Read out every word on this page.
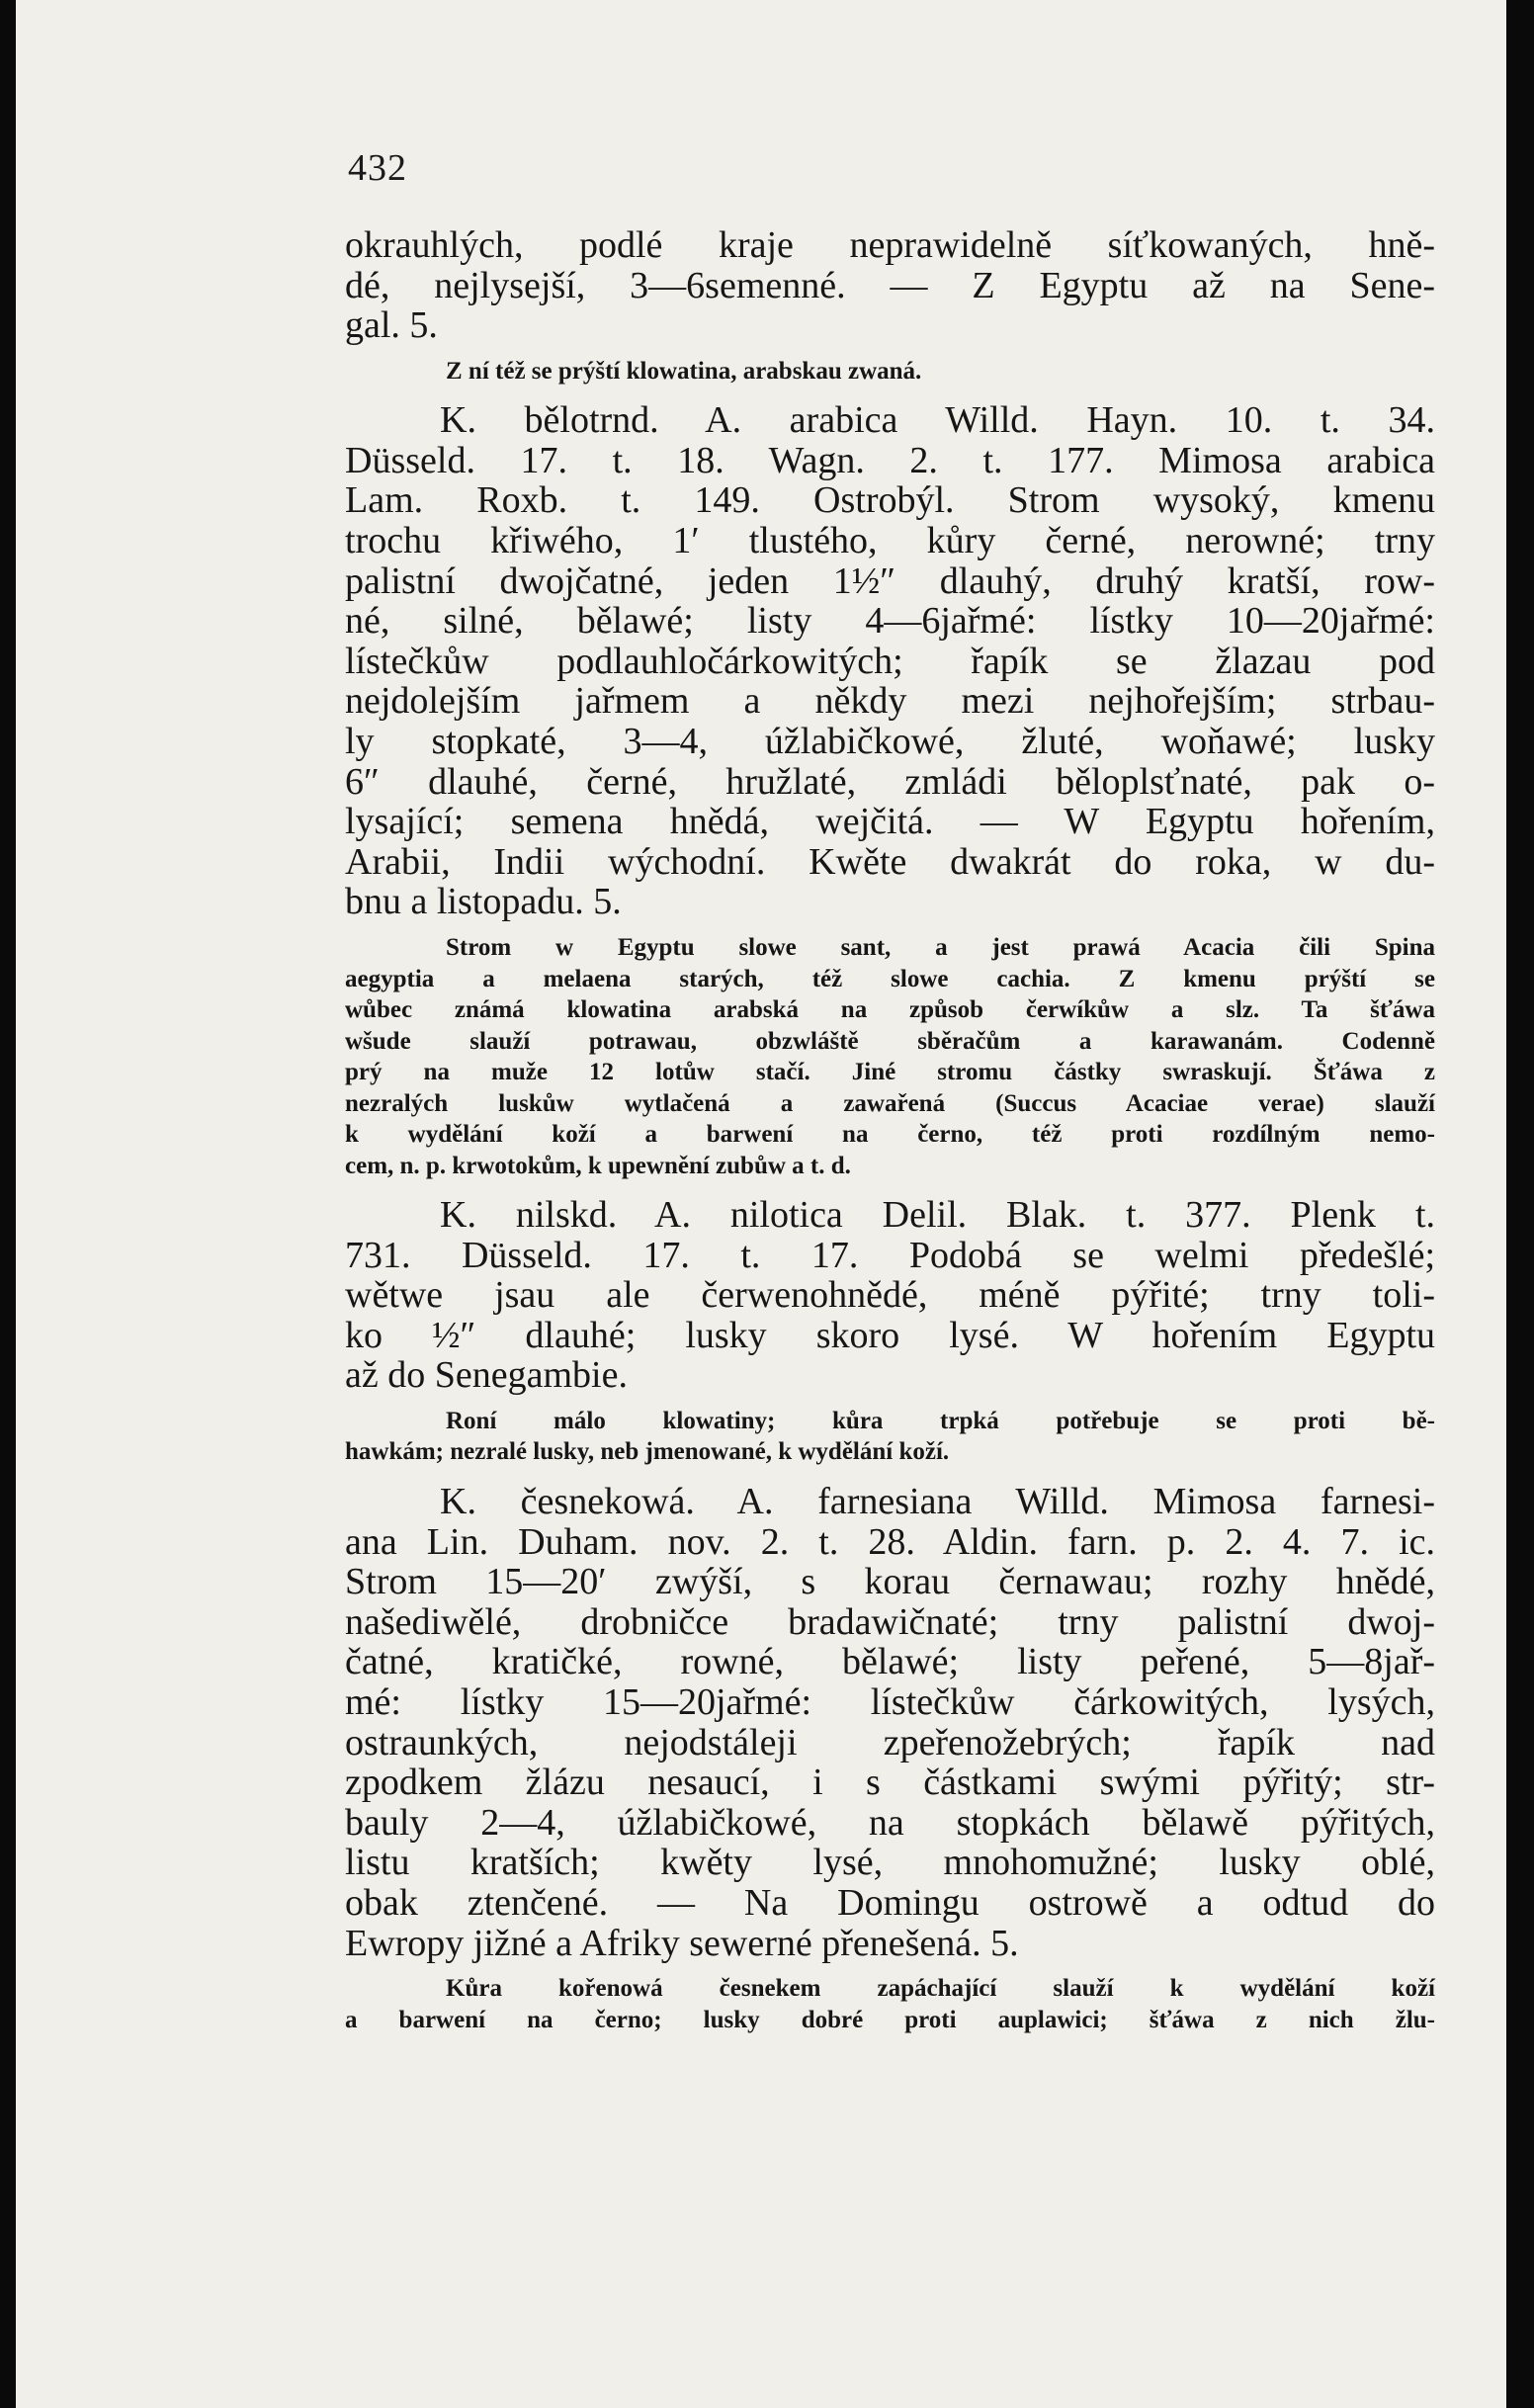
432
okrauhlých, podlé kraje neprawidelně síťkowaných, hně-
dé, nejlysejší, 3—6semenné. — Z Egyptu až na Sene-
gal. 5.
Z ní též se prýští klowatina, arabskau zwaná.
K. bělotrnd. A. arabica Willd. Hayn. 10. t. 34.
Düsseld. 17. t. 18. Wagn. 2. t. 177. Mimosa arabica
Lam. Roxb. t. 149. Ostrobýl. Strom wysoký, kmenu
trochu křiwého, 1′ tlustého, kůry černé, nerowné; trny
palistní dwojčatné, jeden 1½″ dlauhý, druhý kratší, row-
né, silné, bělawé; listy 4—6jařmé: lístky 10—20jařmé:
lístečkůw podlauhločárkowitých; řapík se žlazau pod
nejdolejším jařmem a někdy mezi nejhořejším; strbau-
ly stopkaté, 3—4, úžlabičkowé, žluté, woňawé; lusky
6″ dlauhé, černé, hružlaté, zmládi běloplsťnaté, pak o-
lysající; semena hnědá, wejčitá. — W Egyptu hořením,
Arabii, Indii wýchodní. Kwěte dwakrát do roka, w du-
bnu a listopadu. 5.
Strom w Egyptu slowe sant, a jest prawá Acacia čili Spina
aegyptia a melaena starých, též slowe cachia. Z kmenu prýští se
wůbec známá klowatina arabská na způsob čerwíkůw a slz. Ta šťáwa
wšude slauží potrawau, obzwláště sběračům a karawanám. Codenně
prý na muže 12 lotůw stačí. Jiné stromu částky swraskují. Šťáwa z
nezralých luskůw wytlačená a zawařená (Succus Acaciae verae) slauží
k wydělání koží a barwení na černo, též proti rozdílným nemo-
cem, n. p. krwotokům, k upewnění zubůw a t. d.
K. nilskd. A. nilotica Delil. Blak. t. 377. Plenk t.
731. Düsseld. 17. t. 17. Podobá se welmi předešlé;
wětwe jsau ale čerwenohnědé, méně pýřité; trny toli-
ko ½″ dlauhé; lusky skoro lysé. W hořením Egyptu
až do Senegambie.
Roní málo klowatiny; kůra trpká potřebuje se proti bě-
hawkám; nezralé lusky, neb jmenowané, k wydělání koží.
K. česnekowá. A. farnesiana Willd. Mimosa farnesi-
ana Lin. Duham. nov. 2. t. 28. Aldin. farn. p. 2. 4. 7. ic.
Strom 15—20′ zwýší, s korau černawau; rozhy hnědé,
našediwělé, drobničce bradawičnaté; trny palistní dwoj-
čatné, kratičké, rowné, bělawé; listy peřené, 5—8jař-
mé: lístky 15—20jařmé: lístečkůw čárkowitých, lysých,
ostraunkých, nejodstáleji zpeřenožebrých; řapík nad
zpodkem žlázu nesaucí, i s částkami swými pýřitý; str-
bauly 2—4, úžlabičkowé, na stopkách bělawě pýřitých,
listu kratších; kwěty lysé, mnohomužné; lusky oblé,
obak ztenčené. — Na Domingu ostrowě a odtud do
Ewropy jižné a Afriky sewerné přenešená. 5.
Kůra kořenowá česnekem zapáchající slauží k wydělání koží
a barwení na černo; lusky dobré proti auplawici; šťáwa z nich žlu-
